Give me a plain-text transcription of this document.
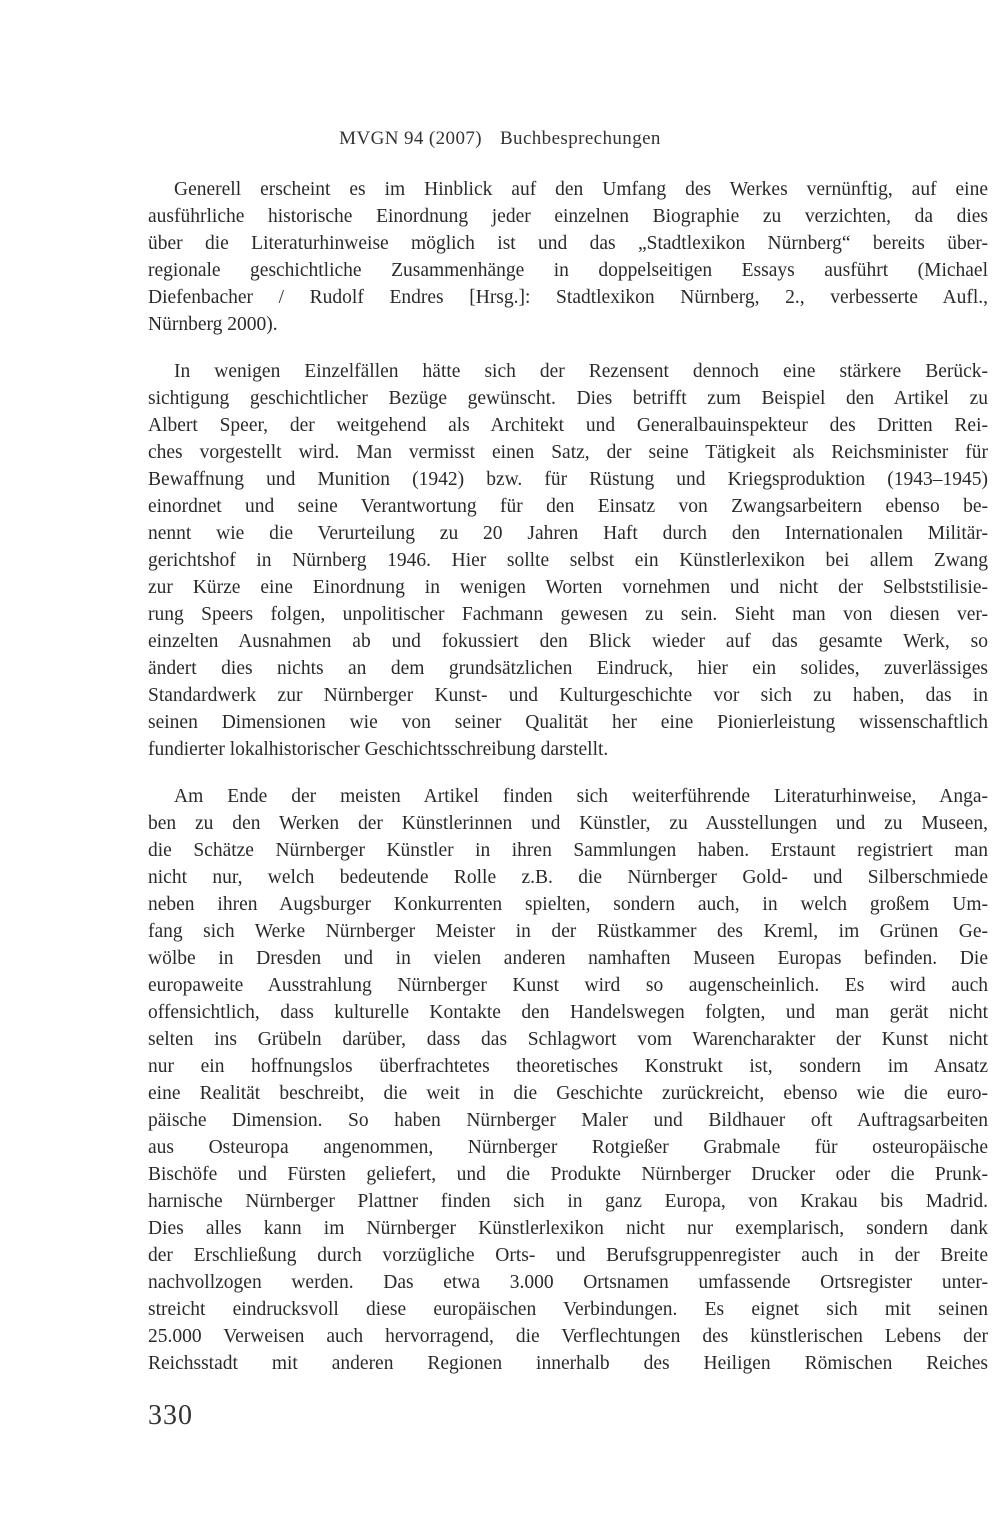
MVGN 94 (2007) Buchbesprechungen
Generell erscheint es im Hinblick auf den Umfang des Werkes vernünftig, auf eine
ausführliche historische Einordnung jeder einzelnen Biographie zu verzichten, da dies
über die Literaturhinweise möglich ist und das „Stadtlexikon Nürnberg“ bereits über-
regionale geschichtliche Zusammenhänge in doppelseitigen Essays ausführt (Michael
Diefenbacher / Rudolf Endres [Hrsg.]: Stadtlexikon Nürnberg, 2., verbesserte Aufl.,
Nürnberg 2000).
In wenigen Einzelfällen hätte sich der Rezensent dennoch eine stärkere Berück-
sichtigung geschichtlicher Bezüge gewünscht. Dies betrifft zum Beispiel den Artikel zu
Albert Speer, der weitgehend als Architekt und Generalbauinspekteur des Dritten Rei-
ches vorgestellt wird. Man vermisst einen Satz, der seine Tätigkeit als Reichsminister für
Bewaffnung und Munition (1942) bzw. für Rüstung und Kriegsproduktion (1943–1945)
einordnet und seine Verantwortung für den Einsatz von Zwangsarbeitern ebenso be-
nennt wie die Verurteilung zu 20 Jahren Haft durch den Internationalen Militär-
gerichtshof in Nürnberg 1946. Hier sollte selbst ein Künstlerlexikon bei allem Zwang
zur Kürze eine Einordnung in wenigen Worten vornehmen und nicht der Selbststilisie-
rung Speers folgen, unpolitischer Fachmann gewesen zu sein. Sieht man von diesen ver-
einzelten Ausnahmen ab und fokussiert den Blick wieder auf das gesamte Werk, so
ändert dies nichts an dem grundsätzlichen Eindruck, hier ein solides, zuverlässiges
Standardwerk zur Nürnberger Kunst- und Kulturgeschichte vor sich zu haben, das in
seinen Dimensionen wie von seiner Qualität her eine Pionierleistung wissenschaftlich
fundierter lokalhistorischer Geschichtsschreibung darstellt.
Am Ende der meisten Artikel finden sich weiterführende Literaturhinweise, Anga-
ben zu den Werken der Künstlerinnen und Künstler, zu Ausstellungen und zu Museen,
die Schätze Nürnberger Künstler in ihren Sammlungen haben. Erstaunt registriert man
nicht nur, welch bedeutende Rolle z.B. die Nürnberger Gold- und Silberschmiede
neben ihren Augsburger Konkurrenten spielten, sondern auch, in welch großem Um-
fang sich Werke Nürnberger Meister in der Rüstkammer des Kreml, im Grünen Ge-
wölbe in Dresden und in vielen anderen namhaften Museen Europas befinden. Die
europaweite Ausstrahlung Nürnberger Kunst wird so augenscheinlich. Es wird auch
offensichtlich, dass kulturelle Kontakte den Handelswegen folgten, und man gerät nicht
selten ins Grübeln darüber, dass das Schlagwort vom Warencharakter der Kunst nicht
nur ein hoffnungslos überfrachtetes theoretisches Konstrukt ist, sondern im Ansatz
eine Realität beschreibt, die weit in die Geschichte zurückreicht, ebenso wie die euro-
päische Dimension. So haben Nürnberger Maler und Bildhauer oft Auftragsarbeiten
aus Osteuropa angenommen, Nürnberger Rotgießer Grabmale für osteuropäische
Bischöfe und Fürsten geliefert, und die Produkte Nürnberger Drucker oder die Prunk-
harnische Nürnberger Plattner finden sich in ganz Europa, von Krakau bis Madrid.
Dies alles kann im Nürnberger Künstlerlexikon nicht nur exemplarisch, sondern dank
der Erschließung durch vorzügliche Orts- und Berufsgruppenregister auch in der Breite
nachvollzogen werden. Das etwa 3.000 Ortsnamen umfassende Ortsregister unter-
streicht eindrucksvoll diese europäischen Verbindungen. Es eignet sich mit seinen
25.000 Verweisen auch hervorragend, die Verflechtungen des künstlerischen Lebens der
Reichsstadt mit anderen Regionen innerhalb des Heiligen Römischen Reiches
330
